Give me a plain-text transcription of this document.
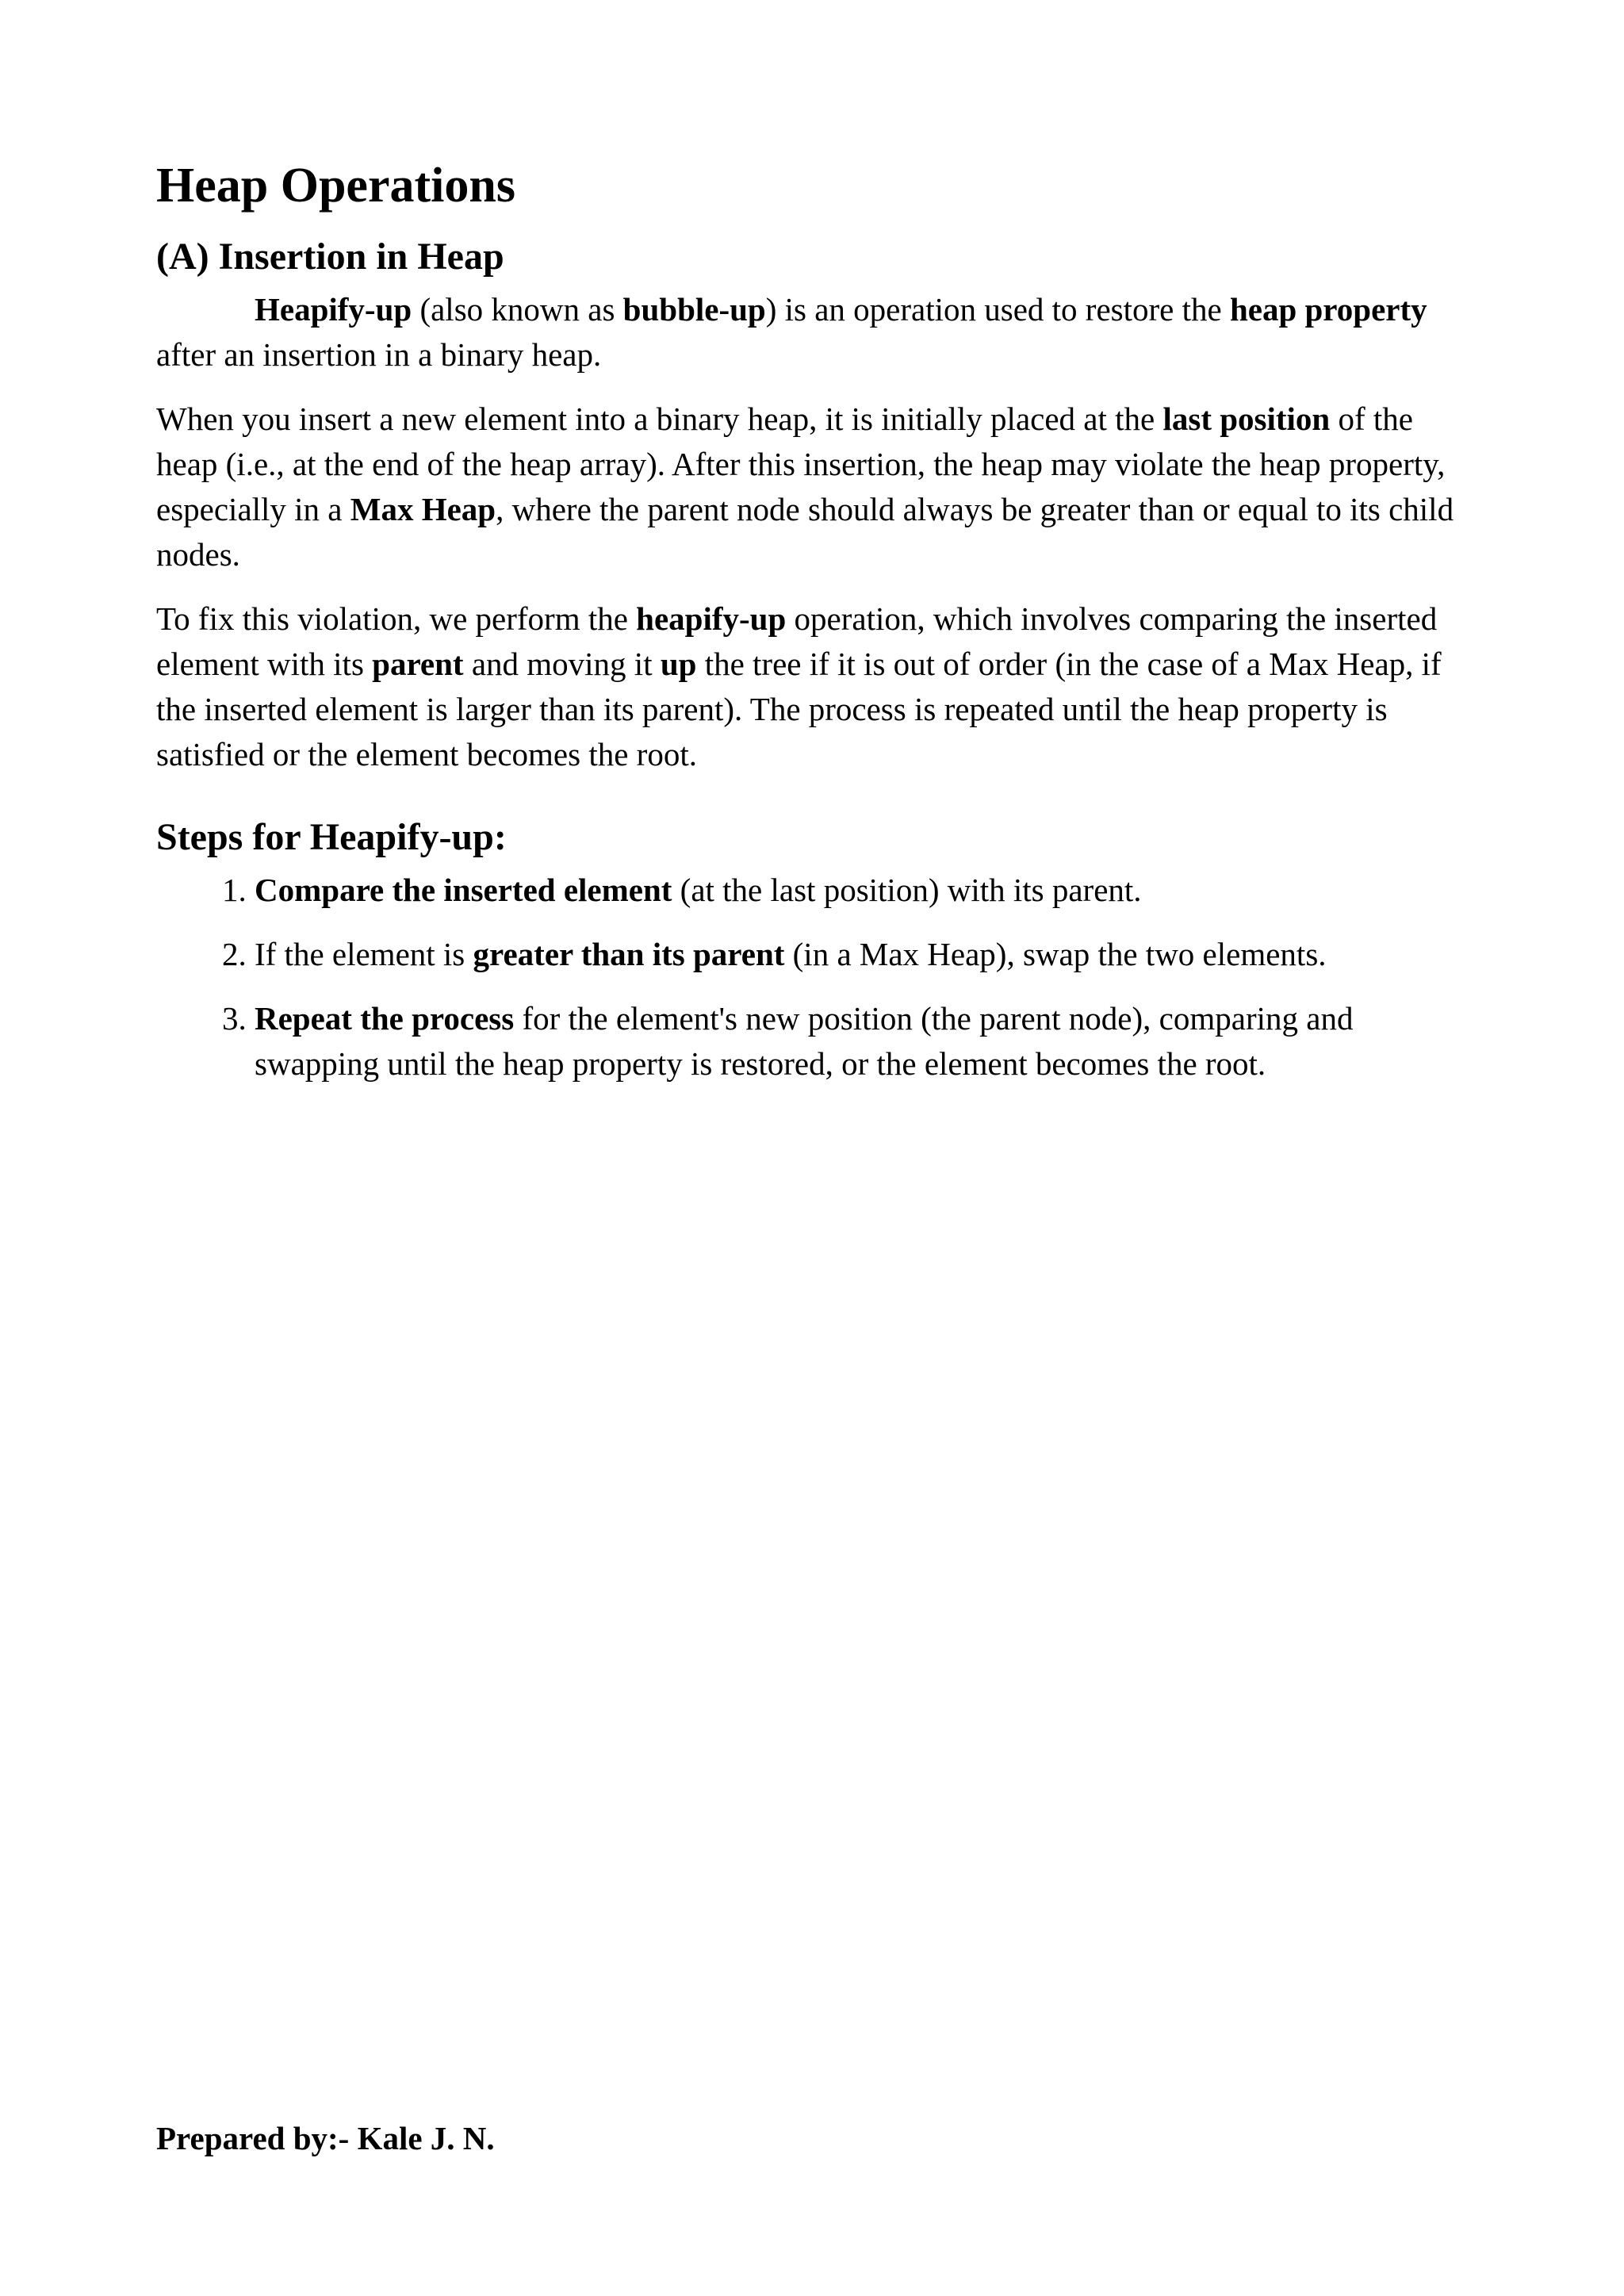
Heap Operations
(A) Insertion in Heap

Heapify-up (also known as bubble-up) is an operation used to restore the heap property after an insertion in a binary heap.

When you insert a new element into a binary heap, it is initially placed at the last position of the heap (i.e., at the end of the heap array). After this insertion, the heap may violate the heap property, especially in a Max Heap, where the parent node should always be greater than or equal to its child nodes.

To fix this violation, we perform the heapify-up operation, which involves comparing the inserted element with its parent and moving it up the tree if it is out of order (in the case of a Max Heap, if the inserted element is larger than its parent). The process is repeated until the heap property is satisfied or the element becomes the root.

Steps for Heapify-up:
1. Compare the inserted element (at the last position) with its parent.
2. If the element is greater than its parent (in a Max Heap), swap the two elements.
3. Repeat the process for the element's new position (the parent node), comparing and swapping until the heap property is restored, or the element becomes the root.
Prepared by:- Kale J. N.
